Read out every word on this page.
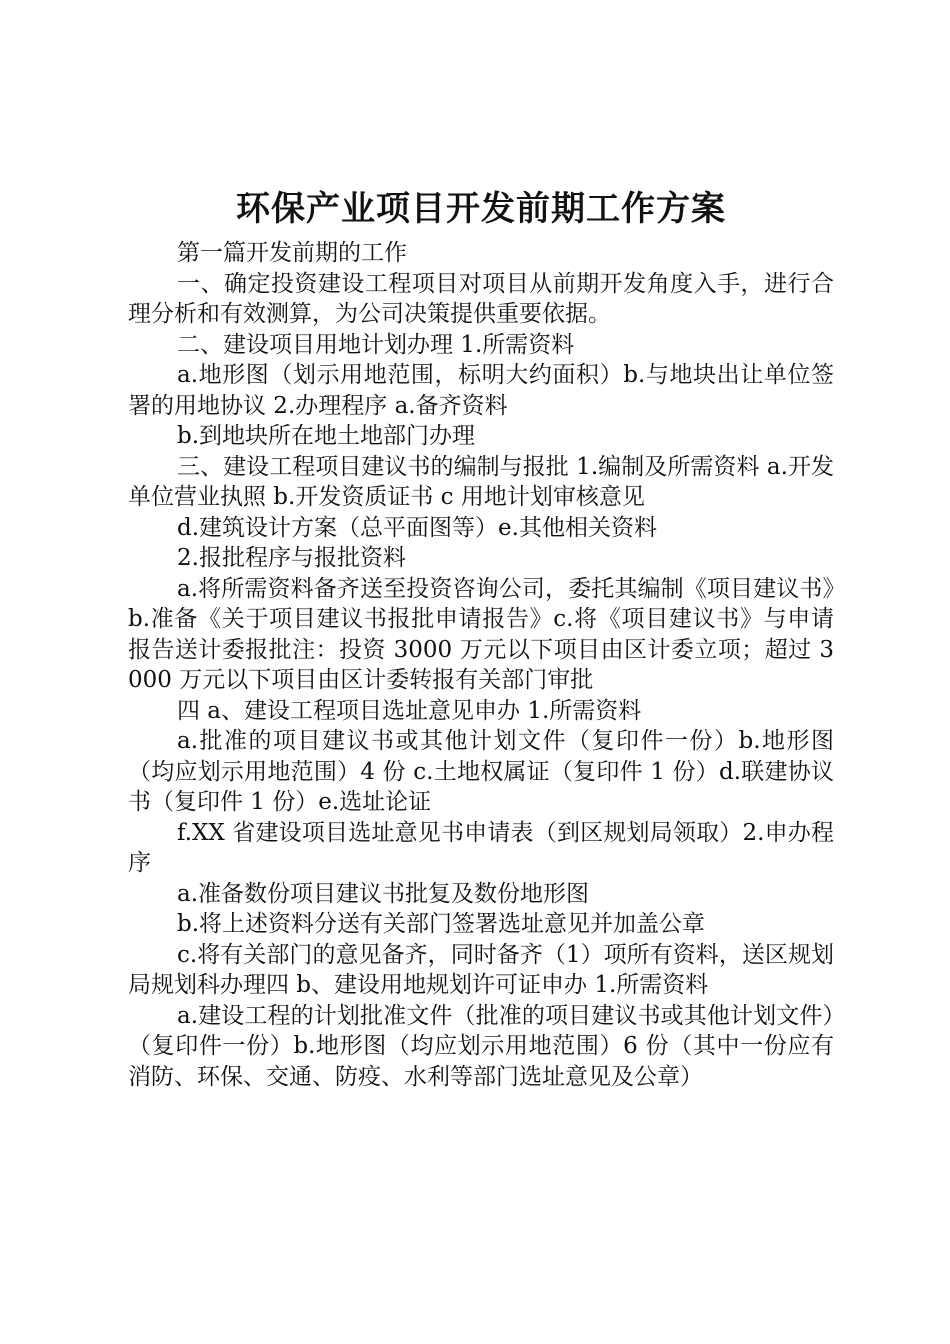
环保产业项目开发前期工作方案

第一篇开发前期的工作

一、确定投资建设工程项目对项目从前期开发角度入手，进行合理分析和有效测算，为公司决策提供重要依据。

二、建设项目用地计划办理 1.所需资料

a.地形图（划示用地范围，标明大约面积）b.与地块出让单位签署的用地协议 2.办理程序 a.备齐资料

b.到地块所在地土地部门办理

三、建设工程项目建议书的编制与报批 1.编制及所需资料 a.开发单位营业执照 b.开发资质证书 c 用地计划审核意见

d.建筑设计方案（总平面图等）e.其他相关资料

2.报批程序与报批资料

a.将所需资料备齐送至投资咨询公司，委托其编制《项目建议书》b.准备《关于项目建议书报批申请报告》c.将《项目建议书》与申请报告送计委报批注：投资 3000 万元以下项目由区计委立项；超过 3000 万元以下项目由区计委转报有关部门审批

四 a、建设工程项目选址意见申办 1.所需资料

a.批准的项目建议书或其他计划文件（复印件一份）b.地形图（均应划示用地范围）4 份 c.土地权属证（复印件 1 份）d.联建协议书（复印件 1 份）e.选址论证

f.XX 省建设项目选址意见书申请表（到区规划局领取）2.申办程序

a.准备数份项目建议书批复及数份地形图

b.将上述资料分送有关部门签署选址意见并加盖公章

c.将有关部门的意见备齐，同时备齐（1）项所有资料，送区规划局规划科办理四 b、建设用地规划许可证申办 1.所需资料

a.建设工程的计划批准文件（批准的项目建议书或其他计划文件）（复印件一份）b.地形图（均应划示用地范围）6 份（其中一份应有消防、环保、交通、防疫、水利等部门选址意见及公章）
